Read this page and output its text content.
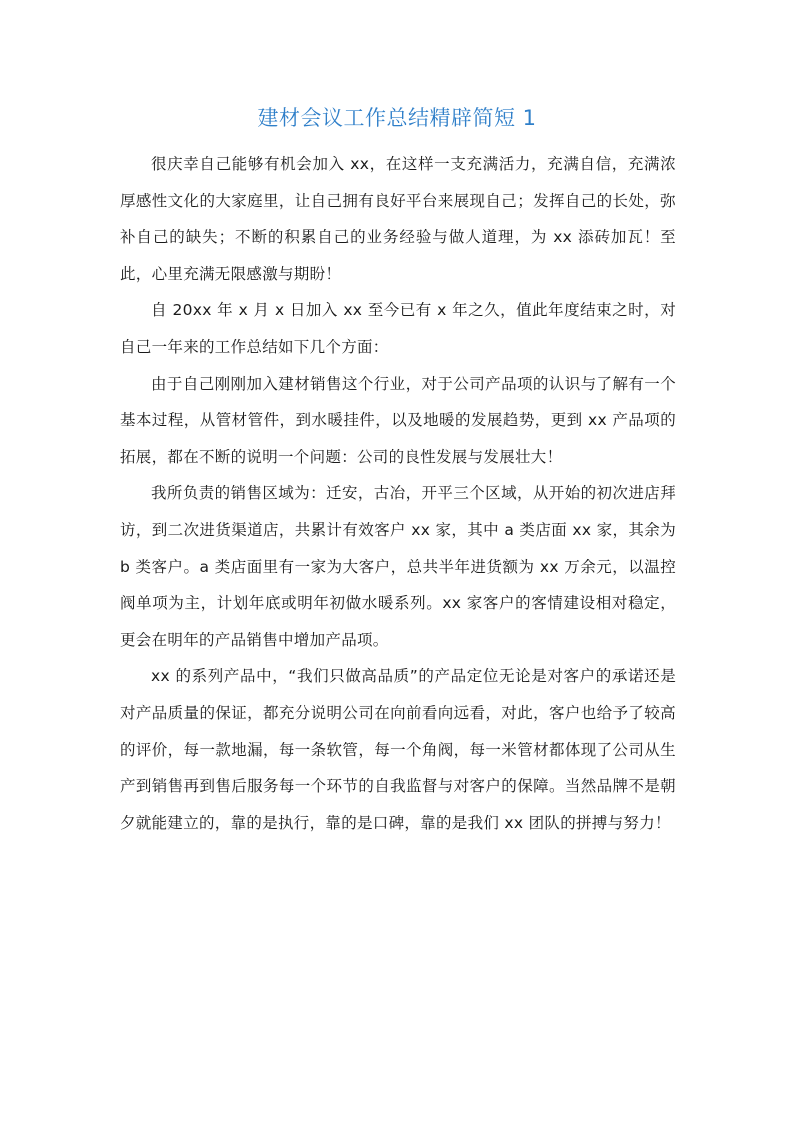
建材会议工作总结精辟简短 1

很庆幸自己能够有机会加入 xx，在这样一支充满活力，充满自信，充满浓厚感性文化的大家庭里，让自己拥有良好平台来展现自己；发挥自己的长处，弥补自己的缺失；不断的积累自己的业务经验与做人道理，为 xx 添砖加瓦！至此，心里充满无限感激与期盼！

自 20xx 年 x 月 x 日加入 xx 至今已有 x 年之久，值此年度结束之时，对自己一年来的工作总结如下几个方面：

由于自己刚刚加入建材销售这个行业，对于公司产品项的认识与了解有一个基本过程，从管材管件，到水暖挂件，以及地暖的发展趋势，更到 xx 产品项的拓展，都在不断的说明一个问题：公司的良性发展与发展壮大！

我所负责的销售区域为：迁安，古冶，开平三个区域，从开始的初次进店拜访，到二次进货渠道店，共累计有效客户 xx 家，其中 a 类店面 xx 家，其余为 b 类客户。a 类店面里有一家为大客户，总共半年进货额为 xx 万余元，以温控阀单项为主，计划年底或明年初做水暖系列。xx 家客户的客情建设相对稳定，更会在明年的产品销售中增加产品项。

xx 的系列产品中，“我们只做高品质”的产品定位无论是对客户的承诺还是对产品质量的保证，都充分说明公司在向前看向远看，对此，客户也给予了较高的评价，每一款地漏，每一条软管，每一个角阀，每一米管材都体现了公司从生产到销售再到售后服务每一个环节的自我监督与对客户的保障。当然品牌不是朝夕就能建立的，靠的是执行，靠的是口碑，靠的是我们 xx 团队的拼搏与努力！
